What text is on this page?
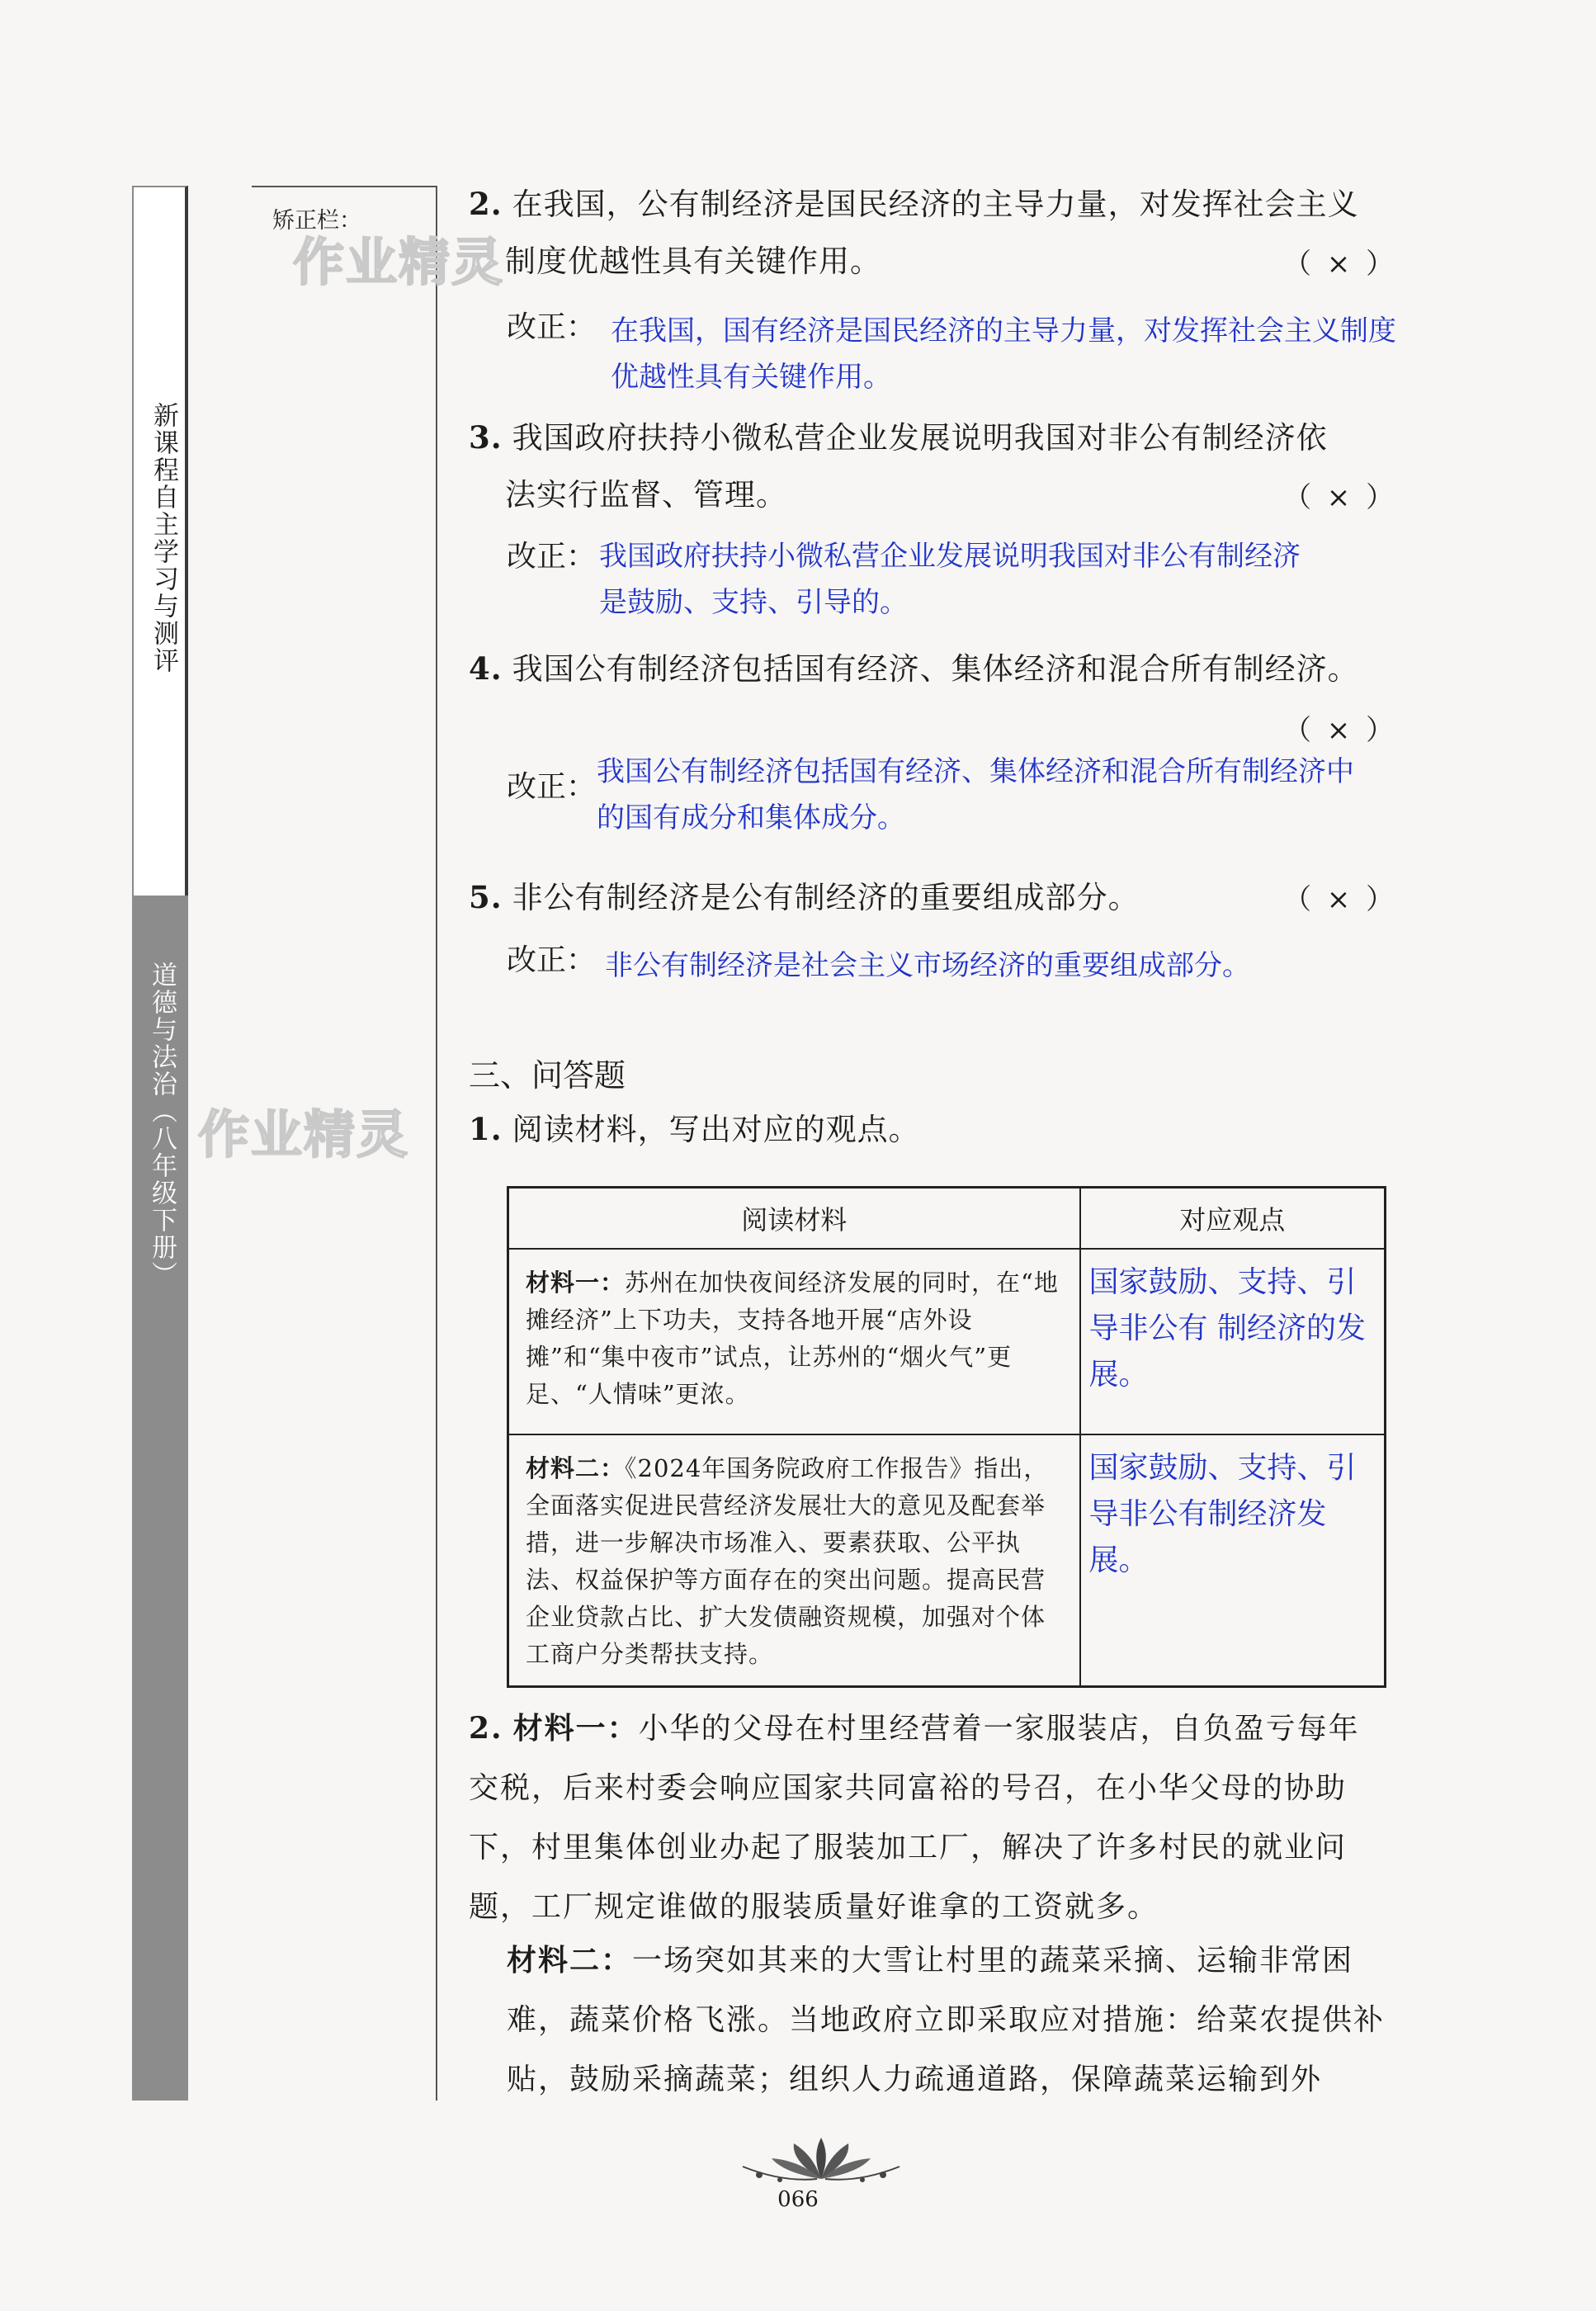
新课程自主学习与测评
道德与法治（八年级下册）
矫正栏：
作业精灵
作业精灵
2. 在我国，公有制经济是国民经济的主导力量，对发挥社会主义
制度优越性具有关键作用。	（ × ）
改正： 在我国，国有经济是国民经济的主导力量，对发挥社会主义制度
优越性具有关键作用。
3. 我国政府扶持小微私营企业发展说明我国对非公有制经济依
法实行监督、管理。	（ × ）
改正： 我国政府扶持小微私营企业发展说明我国对非公有制经济
是鼓励、支持、引导的。
4. 我国公有制经济包括国有经济、集体经济和混合所有制经济。
（ × ）
改正： 我国公有制经济包括国有经济、集体经济和混合所有制经济中
的国有成分和集体成分。
5. 非公有制经济是公有制经济的重要组成部分。	（ × ）
改正： 非公有制经济是社会主义市场经济的重要组成部分。
三、问答题
1. 阅读材料，写出对应的观点。
阅读材料	对应观点
材料一：苏州在加快夜间经济发展的同时，在“地摊经济”上下功夫，支持各地开展“店外设摊”和“集中夜市”试点，让苏州的“烟火气”更足、“人情味”更浓。	国家鼓励、支持、引导非公有 制经济的发展。
材料二：《2024年国务院政府工作报告》指出，全面落实促进民营经济发展壮大的意见及配套举措，进一步解决市场准入、要素获取、公平执法、权益保护等方面存在的突出问题。提高民营企业贷款占比、扩大发债融资规模，加强对个体工商户分类帮扶支持。	国家鼓励、支持、引导非公有制经济发展。
2. 材料一：小华的父母在村里经营着一家服装店，自负盈亏每年交税，后来村委会响应国家共同富裕的号召，在小华父母的协助下，村里集体创业办起了服装加工厂，解决了许多村民的就业问题，工厂规定谁做的服装质量好谁拿的工资就多。
材料二：一场突如其来的大雪让村里的蔬菜采摘、运输非常困难，蔬菜价格飞涨。当地政府立即采取应对措施：给菜农提供补贴，鼓励采摘蔬菜；组织人力疏通道路，保障蔬菜运输到外
066
